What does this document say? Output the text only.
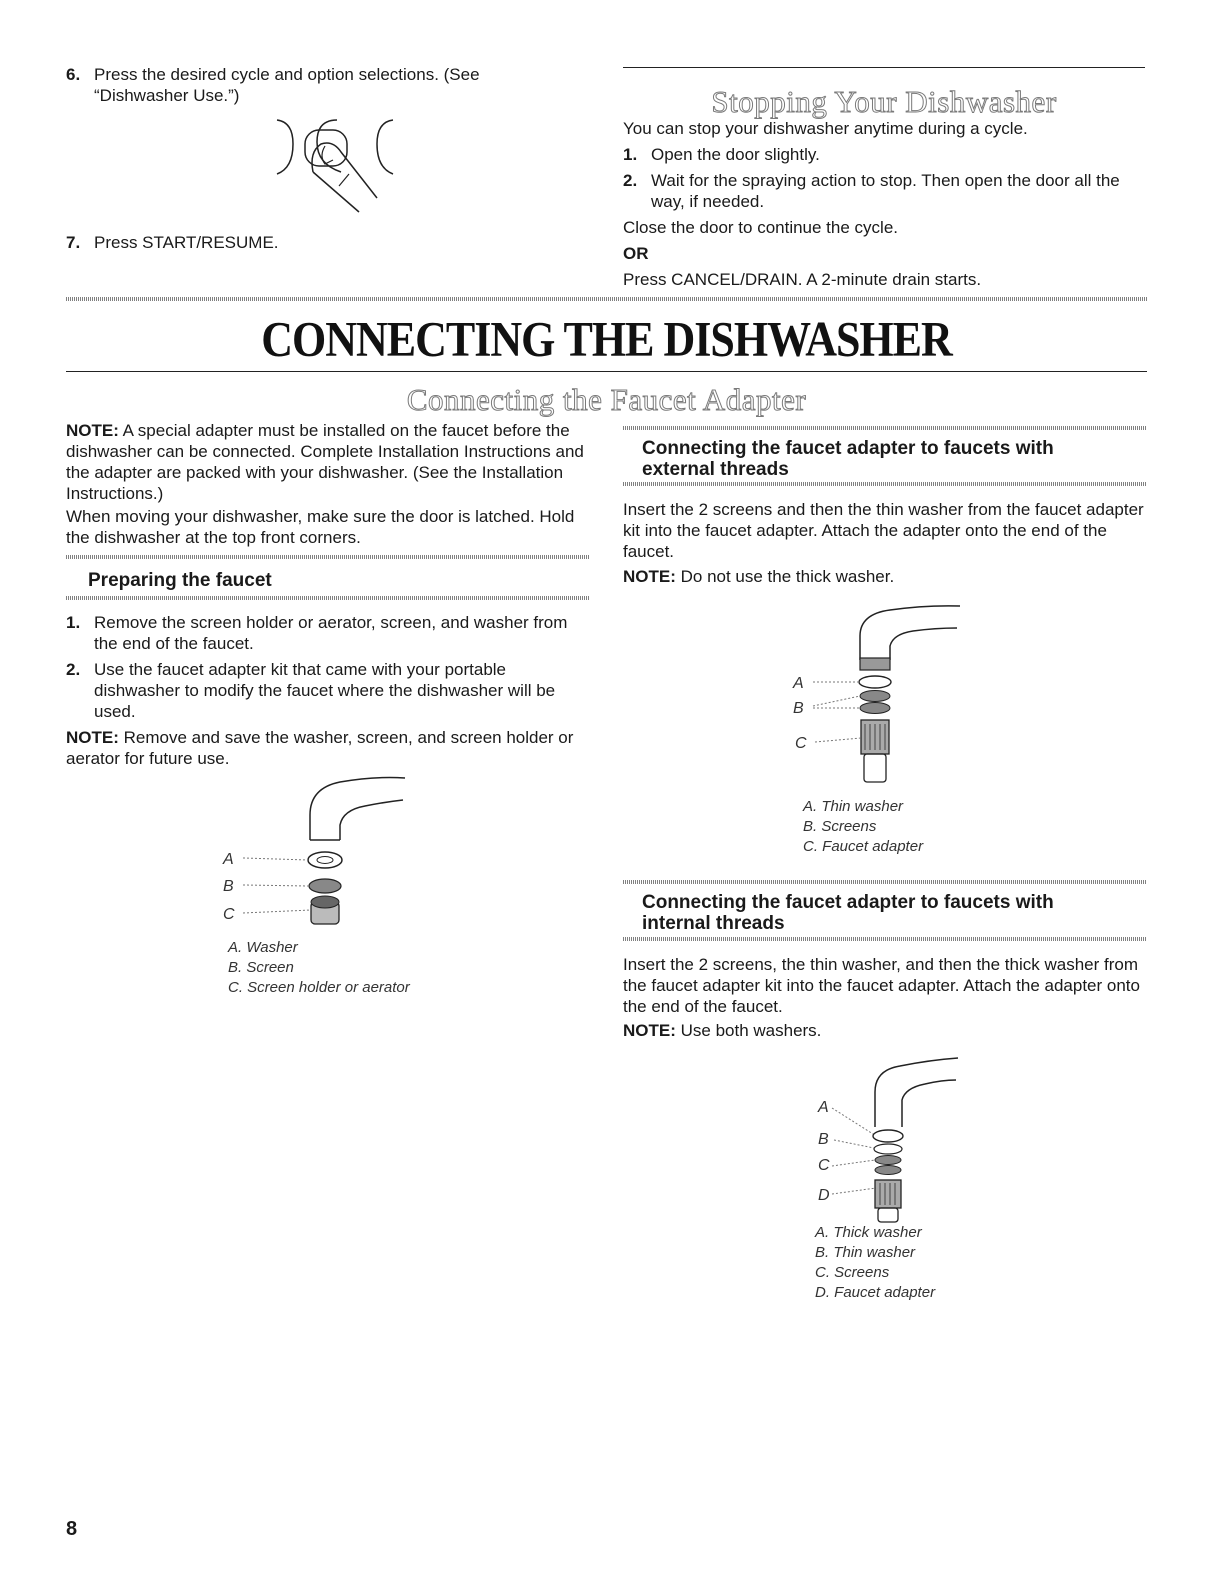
6. Press the desired cycle and option selections. (See “Dishwasher Use.”)
7. Press START/RESUME.
Stopping Your Dishwasher
You can stop your dishwasher anytime during a cycle.
1. Open the door slightly.
2. Wait for the spraying action to stop. Then open the door all the way, if needed.
Close the door to continue the cycle.
OR
Press CANCEL/DRAIN. A 2-minute drain starts.
CONNECTING THE DISHWASHER
Connecting the Faucet Adapter
NOTE: A special adapter must be installed on the faucet before the dishwasher can be connected. Complete Installation Instructions and the adapter are packed with your dishwasher. (See the Installation Instructions.)
When moving your dishwasher, make sure the door is latched. Hold the dishwasher at the top front corners.
Preparing the faucet
1. Remove the screen holder or aerator, screen, and washer from the end of the faucet.
2. Use the faucet adapter kit that came with your portable dishwasher to modify the faucet where the dishwasher will be used.
NOTE: Remove and save the washer, screen, and screen holder or aerator for future use.
A
B
C
A. Washer
B. Screen
C. Screen holder or aerator
Connecting the faucet adapter to faucets with external threads
Insert the 2 screens and then the thin washer from the faucet adapter kit into the faucet adapter. Attach the adapter onto the end of the faucet.
NOTE: Do not use the thick washer.
A
B
C
A. Thin washer
B. Screens
C. Faucet adapter
Connecting the faucet adapter to faucets with internal threads
Insert the 2 screens, the thin washer, and then the thick washer from the faucet adapter kit into the faucet adapter. Attach the adapter onto the end of the faucet.
NOTE: Use both washers.
A
B
C
D
A. Thick washer
B. Thin washer
C. Screens
D. Faucet adapter
8
